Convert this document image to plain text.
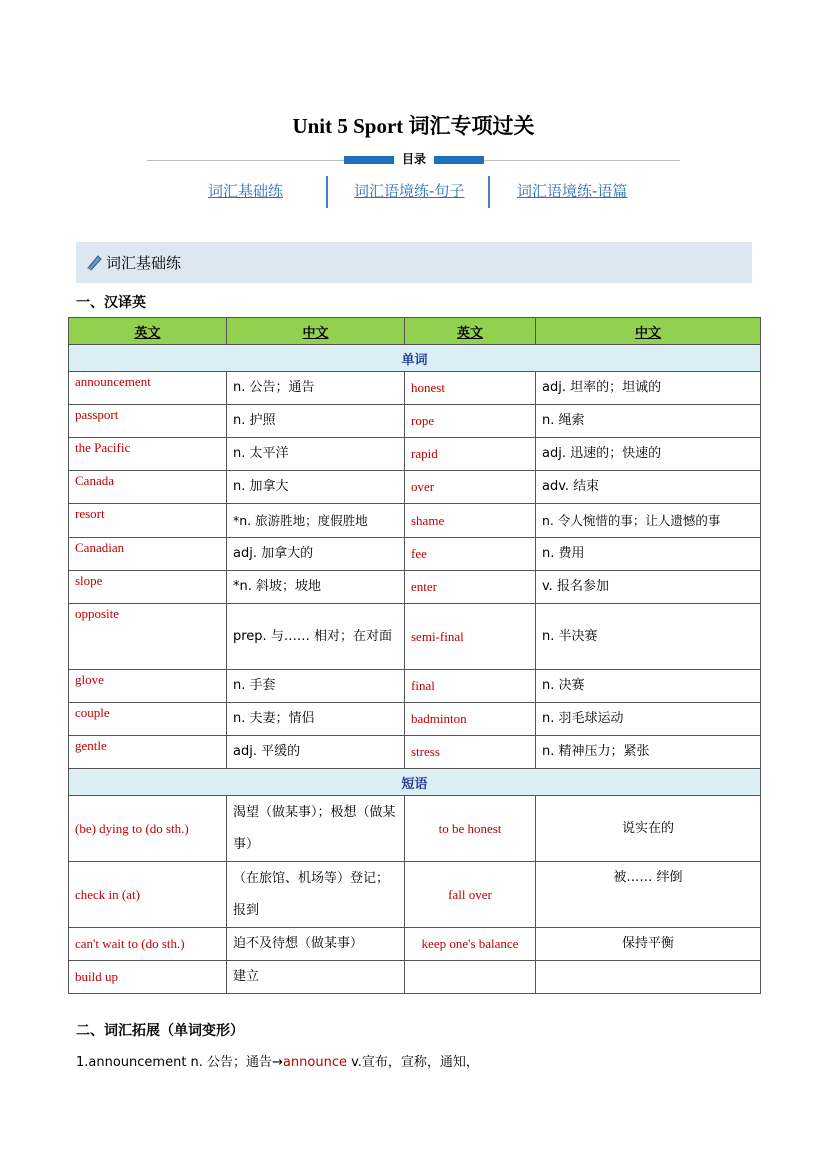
Unit 5 Sport 词汇专项过关
目录
词汇基础练	词汇语境练-句子	词汇语境练-语篇
词汇基础练
一、汉译英
英文	中文	英文	中文
单词			
announcement	n. 公告；通告	honest	adj. 坦率的；坦诚的
passport	n. 护照	rope	n. 绳索
the Pacific	n. 太平洋	rapid	adj. 迅速的；快速的
Canada	n. 加拿大	over	adv. 结束
resort	*n. 旅游胜地；度假胜地	shame	n. 令人惋惜的事；让人遗憾的事
Canadian	adj. 加拿大的	fee	n. 费用
slope	*n. 斜坡；坡地	enter	v. 报名参加
opposite	prep. 与…… 相对；在对面	semi-final	n. 半决赛
glove	n. 手套	final	n. 决赛
couple	n. 夫妻；情侣	badminton	n. 羽毛球运动
gentle	adj. 平缓的	stress	n. 精神压力；紧张
短语			
(be) dying to (do sth.)	渴望（做某事）；极想（做某事）	to be honest	说实在的
check in (at)	（在旅馆、机场等）登记；报到	fall over	被…… 绊倒
can't wait to (do sth.)	迫不及待想（做某事）	keep one's balance	保持平衡
build up	建立		
二、词汇拓展（单词变形）
1.announcement n. 公告；通告→announce v.宣布，宣称，通知，
